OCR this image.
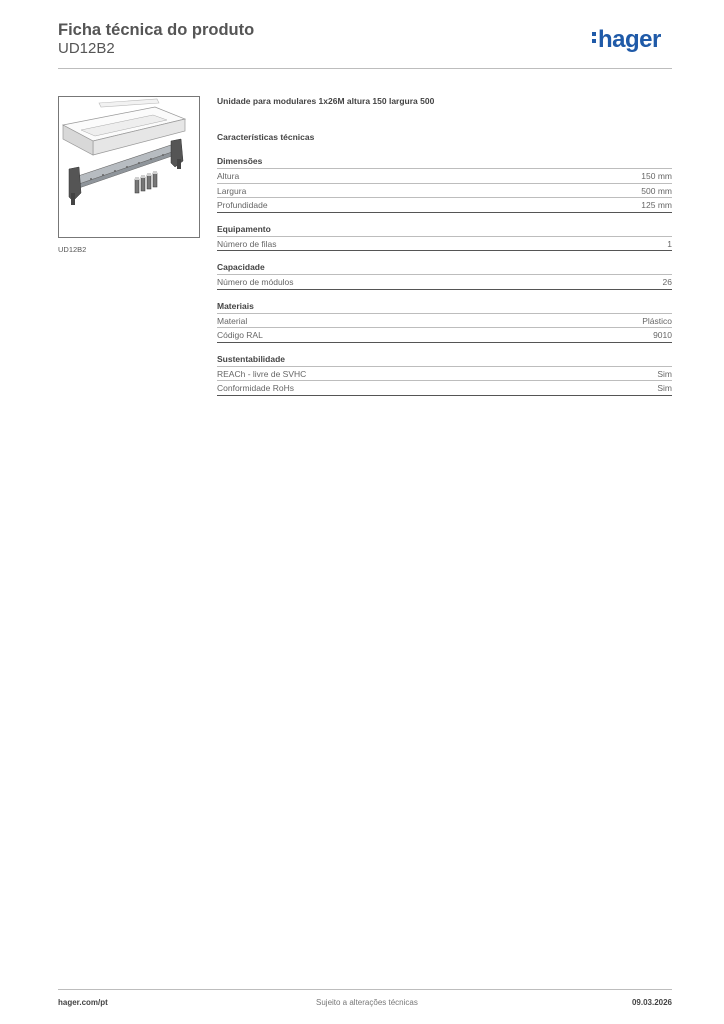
Ficha técnica do produto
UD12B2	hager
UD12B2
Unidade para modulares 1x26M altura 150 largura 500
Características técnicas
Dimensões
Altura	150 mm
Largura	500 mm
Profundidade	125 mm
Equipamento
Número de filas	1
Capacidade
Número de módulos	26
Materiais
Material	Plástico
Código RAL	9010
Sustentabilidade
REACh - livre de SVHC	Sim
Conformidade RoHs	Sim
hager.com/pt	Sujeito a alterações técnicas	09.03.2026
